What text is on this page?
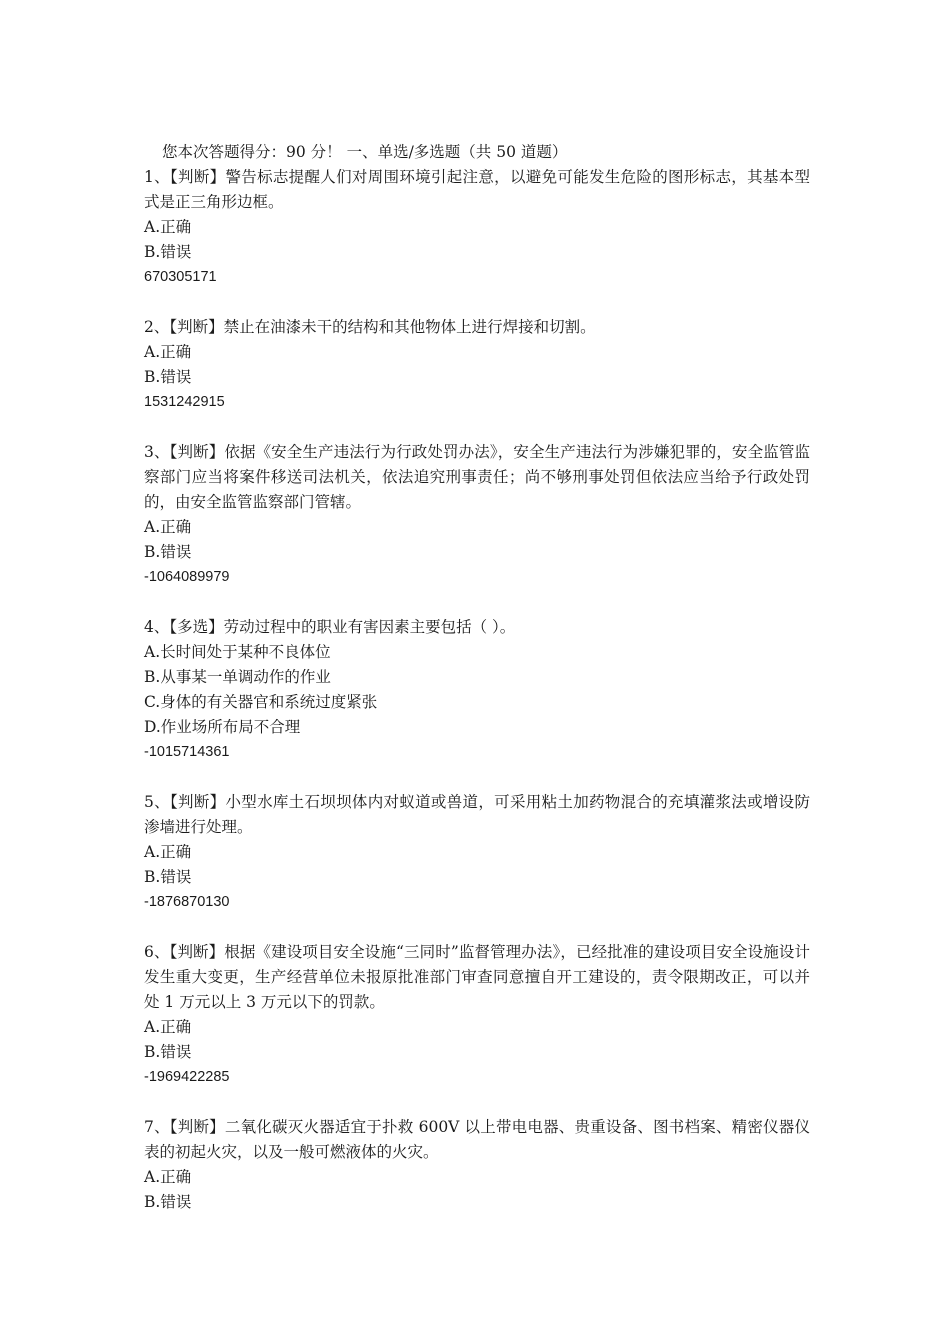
您本次答题得分：90 分！ 一、单选/多选题（共 50 道题）
1、【判断】警告标志提醒人们对周围环境引起注意，以避免可能发生危险的图形标志，其基本型式是正三角形边框。
A.正确
B.错误
670305171
2、【判断】禁止在油漆未干的结构和其他物体上进行焊接和切割。
A.正确
B.错误
1531242915
3、【判断】依据《安全生产违法行为行政处罚办法》，安全生产违法行为涉嫌犯罪的，安全监管监察部门应当将案件移送司法机关，依法追究刑事责任；尚不够刑事处罚但依法应当给予行政处罚的，由安全监管监察部门管辖。
A.正确
B.错误
-1064089979
4、【多选】劳动过程中的职业有害因素主要包括（ ）。
A.长时间处于某种不良体位
B.从事某一单调动作的作业
C.身体的有关器官和系统过度紧张
D.作业场所布局不合理
-1015714361
5、【判断】小型水库土石坝坝体内对蚁道或兽道，可采用粘土加药物混合的充填灌浆法或增设防渗墙进行处理。
A.正确
B.错误
-1876870130
6、【判断】根据《建设项目安全设施“三同时”监督管理办法》，已经批准的建设项目安全设施设计发生重大变更，生产经营单位未报原批准部门审查同意擅自开工建设的，责令限期改正，可以并处 1 万元以上 3 万元以下的罚款。
A.正确
B.错误
-1969422285
7、【判断】二氧化碳灭火器适宜于扑救 600V 以上带电电器、贵重设备、图书档案、精密仪器仪表的初起火灾，以及一般可燃液体的火灾。
A.正确
B.错误
